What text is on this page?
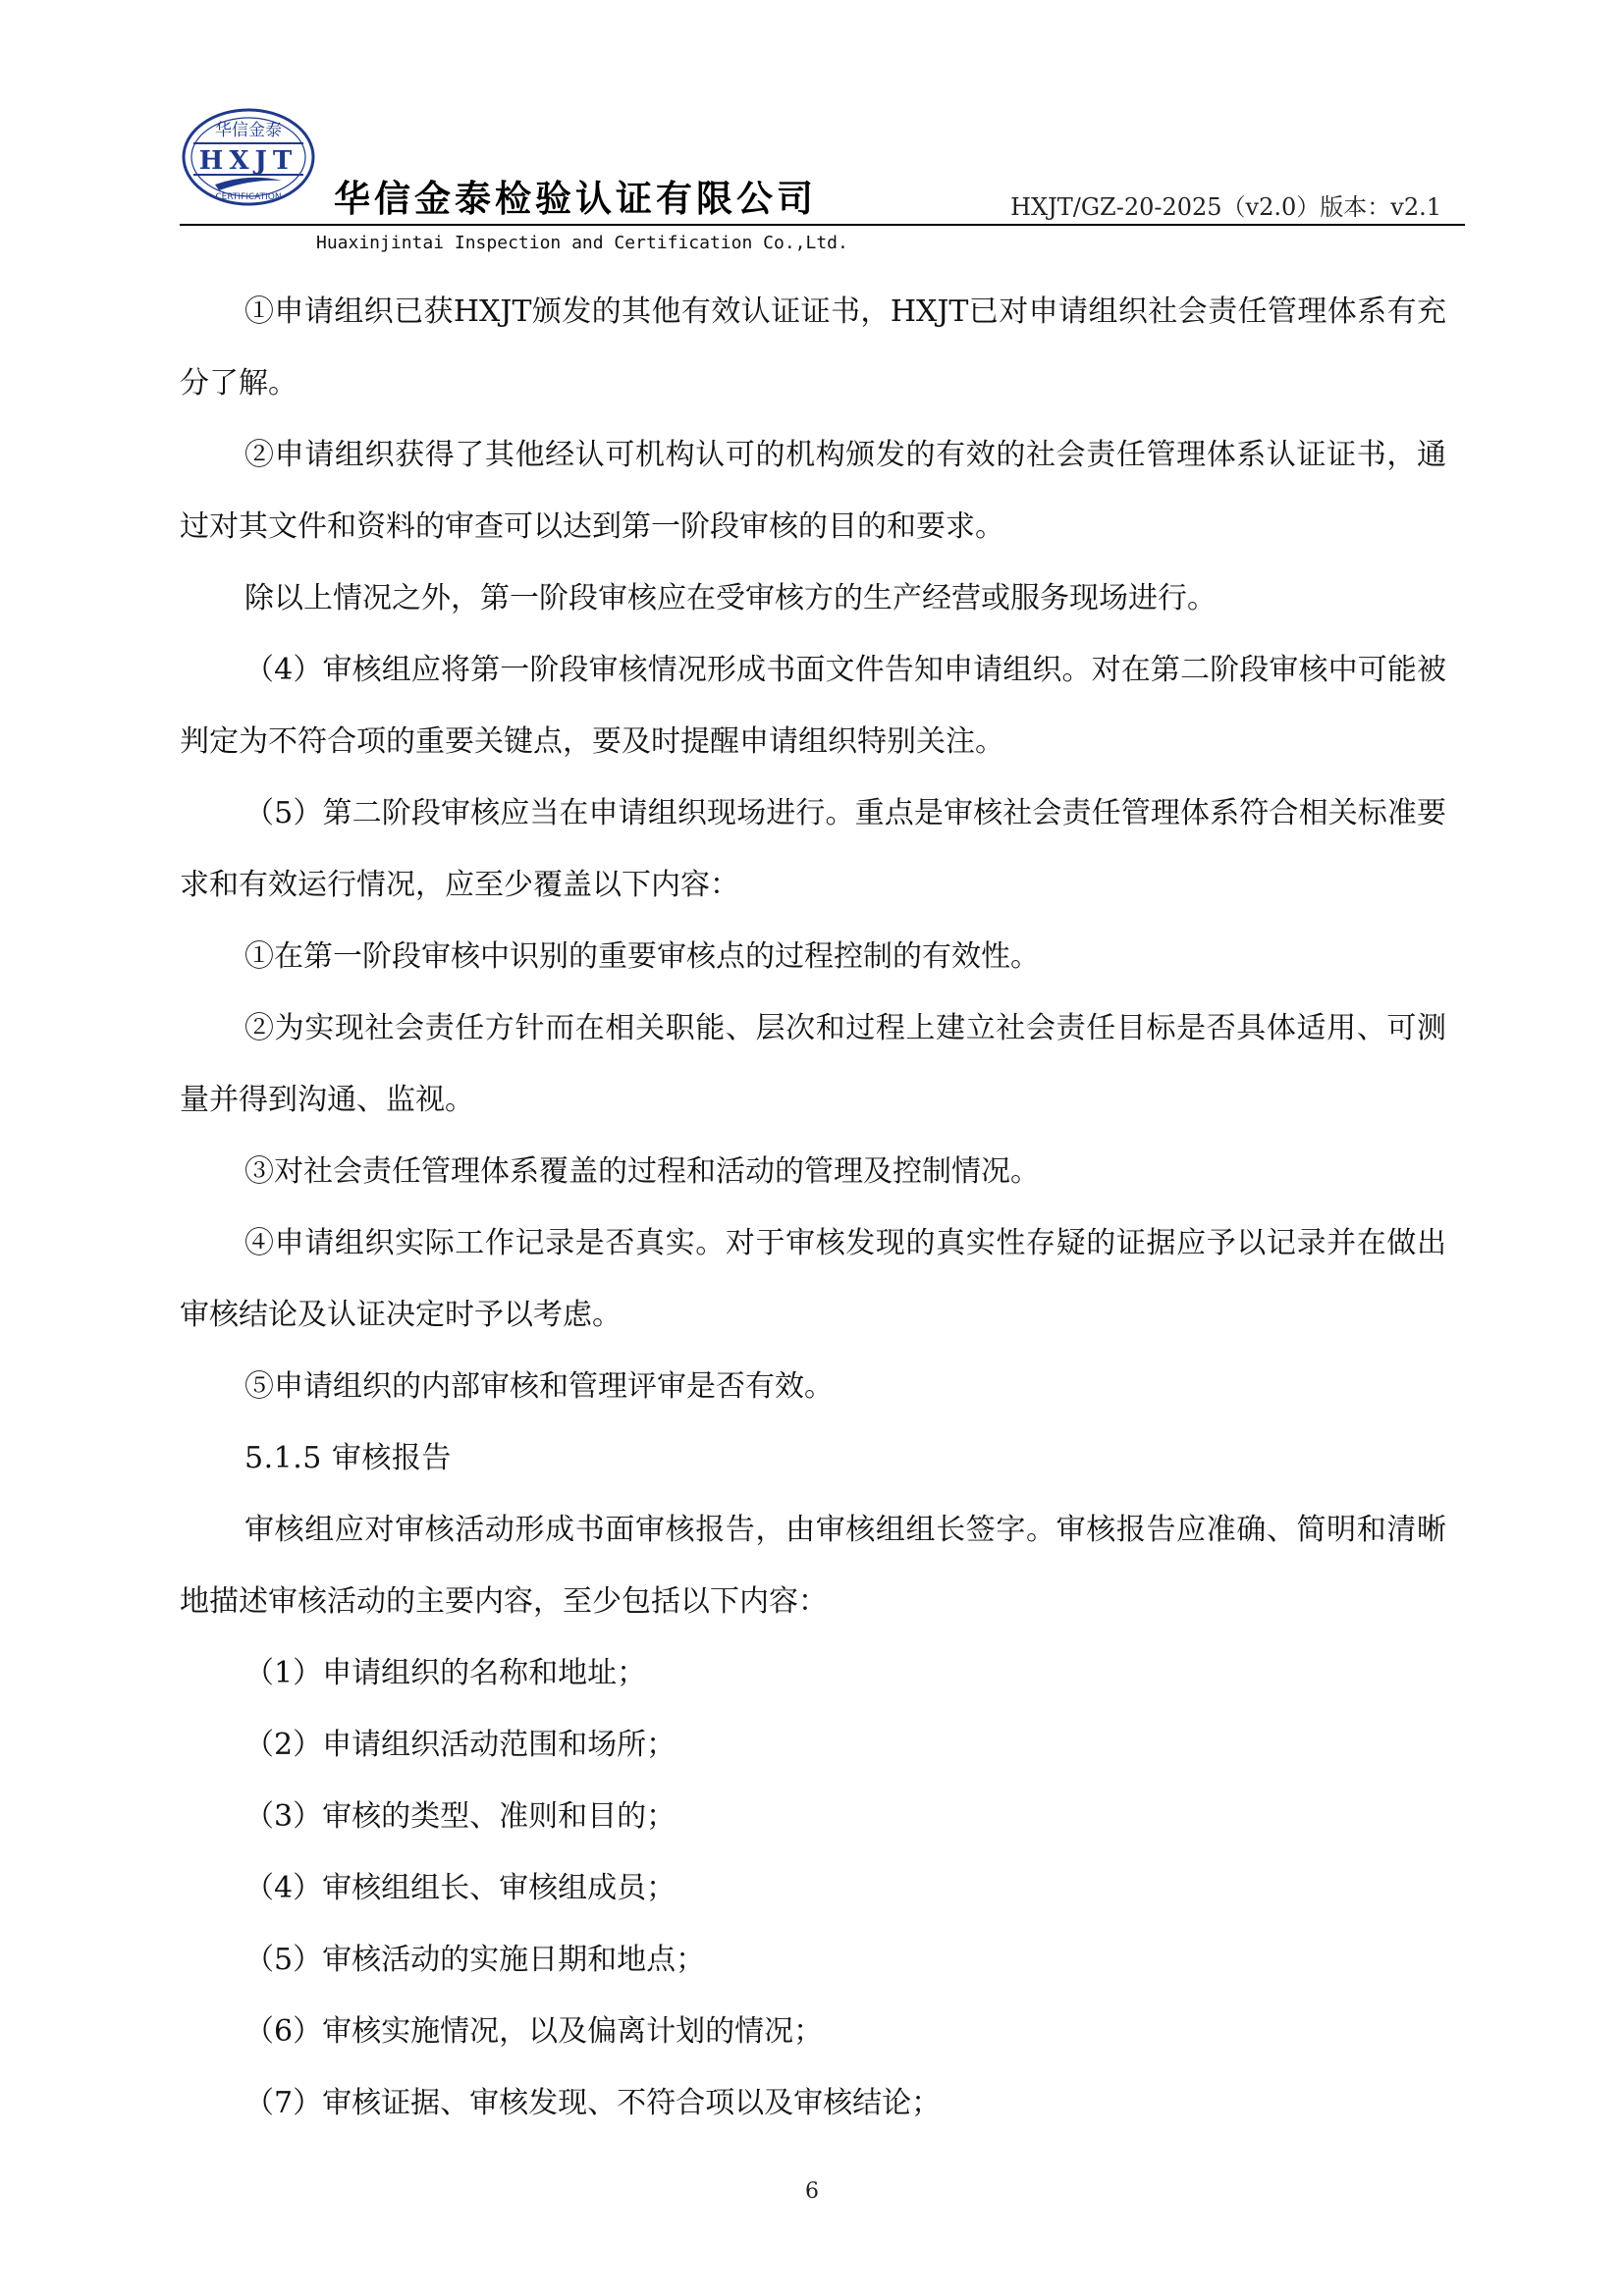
华信金泰
HXJT
CERTIFICATION 华信金泰检验认证有限公司	HXJT/GZ-20-2025（v2.0）版本：v2.1
Huaxinjintai Inspection and Certification Co.,Ltd.

①申请组织已获HXJT颁发的其他有效认证证书，HXJT已对申请组织社会责任管理体系有充分了解。

②申请组织获得了其他经认可机构认可的机构颁发的有效的社会责任管理体系认证证书，通过对其文件和资料的审查可以达到第一阶段审核的目的和要求。

除以上情况之外，第一阶段审核应在受审核方的生产经营或服务现场进行。

（4）审核组应将第一阶段审核情况形成书面文件告知申请组织。对在第二阶段审核中可能被判定为不符合项的重要关键点，要及时提醒申请组织特别关注。

（5）第二阶段审核应当在申请组织现场进行。重点是审核社会责任管理体系符合相关标准要求和有效运行情况，应至少覆盖以下内容：

①在第一阶段审核中识别的重要审核点的过程控制的有效性。

②为实现社会责任方针而在相关职能、层次和过程上建立社会责任目标是否具体适用、可测量并得到沟通、监视。

③对社会责任管理体系覆盖的过程和活动的管理及控制情况。

④申请组织实际工作记录是否真实。对于审核发现的真实性存疑的证据应予以记录并在做出审核结论及认证决定时予以考虑。

⑤申请组织的内部审核和管理评审是否有效。

5.1.5 审核报告

审核组应对审核活动形成书面审核报告，由审核组组长签字。审核报告应准确、简明和清晰地描述审核活动的主要内容，至少包括以下内容：

（1）申请组织的名称和地址；

（2）申请组织活动范围和场所；

（3）审核的类型、准则和目的；

（4）审核组组长、审核组成员；

（5）审核活动的实施日期和地点；

（6）审核实施情况，以及偏离计划的情况；

（7）审核证据、审核发现、不符合项以及审核结论；

6
